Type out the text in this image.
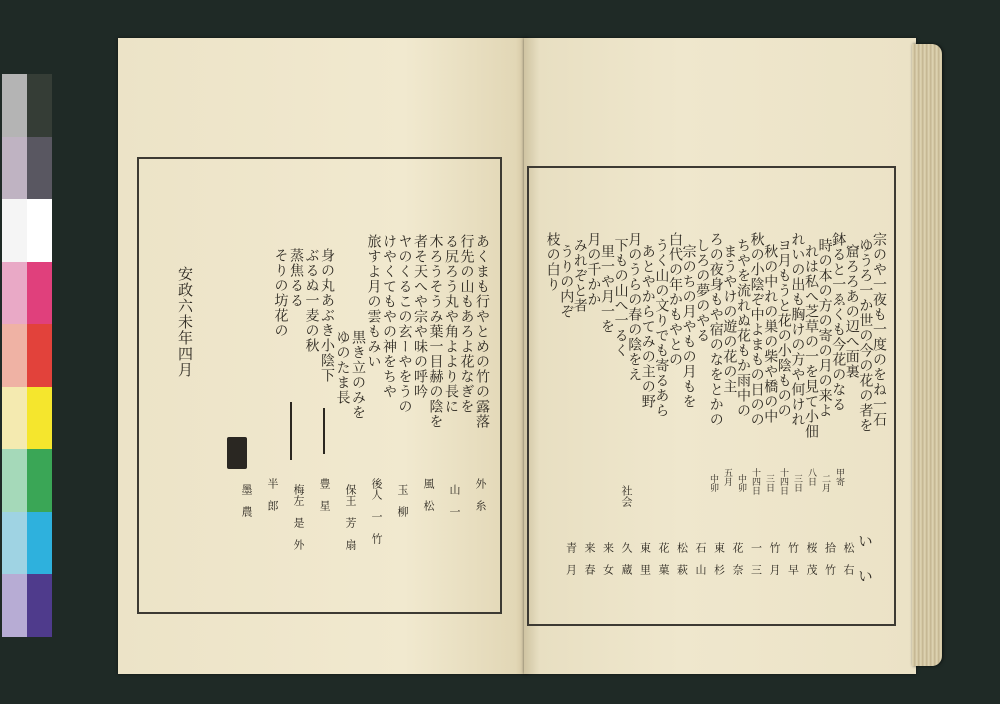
安政六未年四月	あくまも行やとめの竹の露落
行先の山もあろよ花なぎを
る尻ろう丸や角よより長に
木ろうそうみ葉一目赫の陰を
者そ天へや宗や味の呼吟
ヤのくるこの玄ーやをうの
けやくてもやの神をちや
旅すよ月の雲もみい
黒き立のみを
ゆのたま長
身の丸あぶき小陰下
ぶるぬ一麦の秋
蒸焦るる
そりの坊花の
外　糸
山　一
風　松
玉　柳
後人　一　竹
保王　芳　扇
豊　星
梅左　是　外
半　郎
墨　農
宗のや一夜も一度のをね一石
ゆうろ一か世の今の花の者を
窟ろろあの辺へ面裏
鉢ると一ゑくも今花のなる
時の本の方の寄の月の来よ
れは私へ芝草の一を見て小佃
れいの出も胸けの方や何けれ
ヨ月もうと花の小陰ものの
秋の中れの巣の柴や橋の中
秋の小陰ぞ中よまもの日のの
ちやを流れぬ花もか雨中の
まうやけの遊の花の主
ろの夜身もや宿のなをとかの
しろの夢のやる
宗のちの月やもの月もを
白代の年かもやとの
うく山の文りでも寄るあら
あとやからてみの主の野
月のうらの春の陰をえ
下もの山へ一るく
里一や月一を
月の千かか
みれぞと者
うりの内ぞ
枝の白り
甲寄
二月
八日
三日
十四日
三日
十四日
中卯
五月
中卯
社会
い い
松　右
拾　竹
桜　茂
竹　早
竹　月
一　三
花　奈
東　杉
石　山
松　萩
花　菓
東　里
久　蔵
来　女
来　春
青　月
